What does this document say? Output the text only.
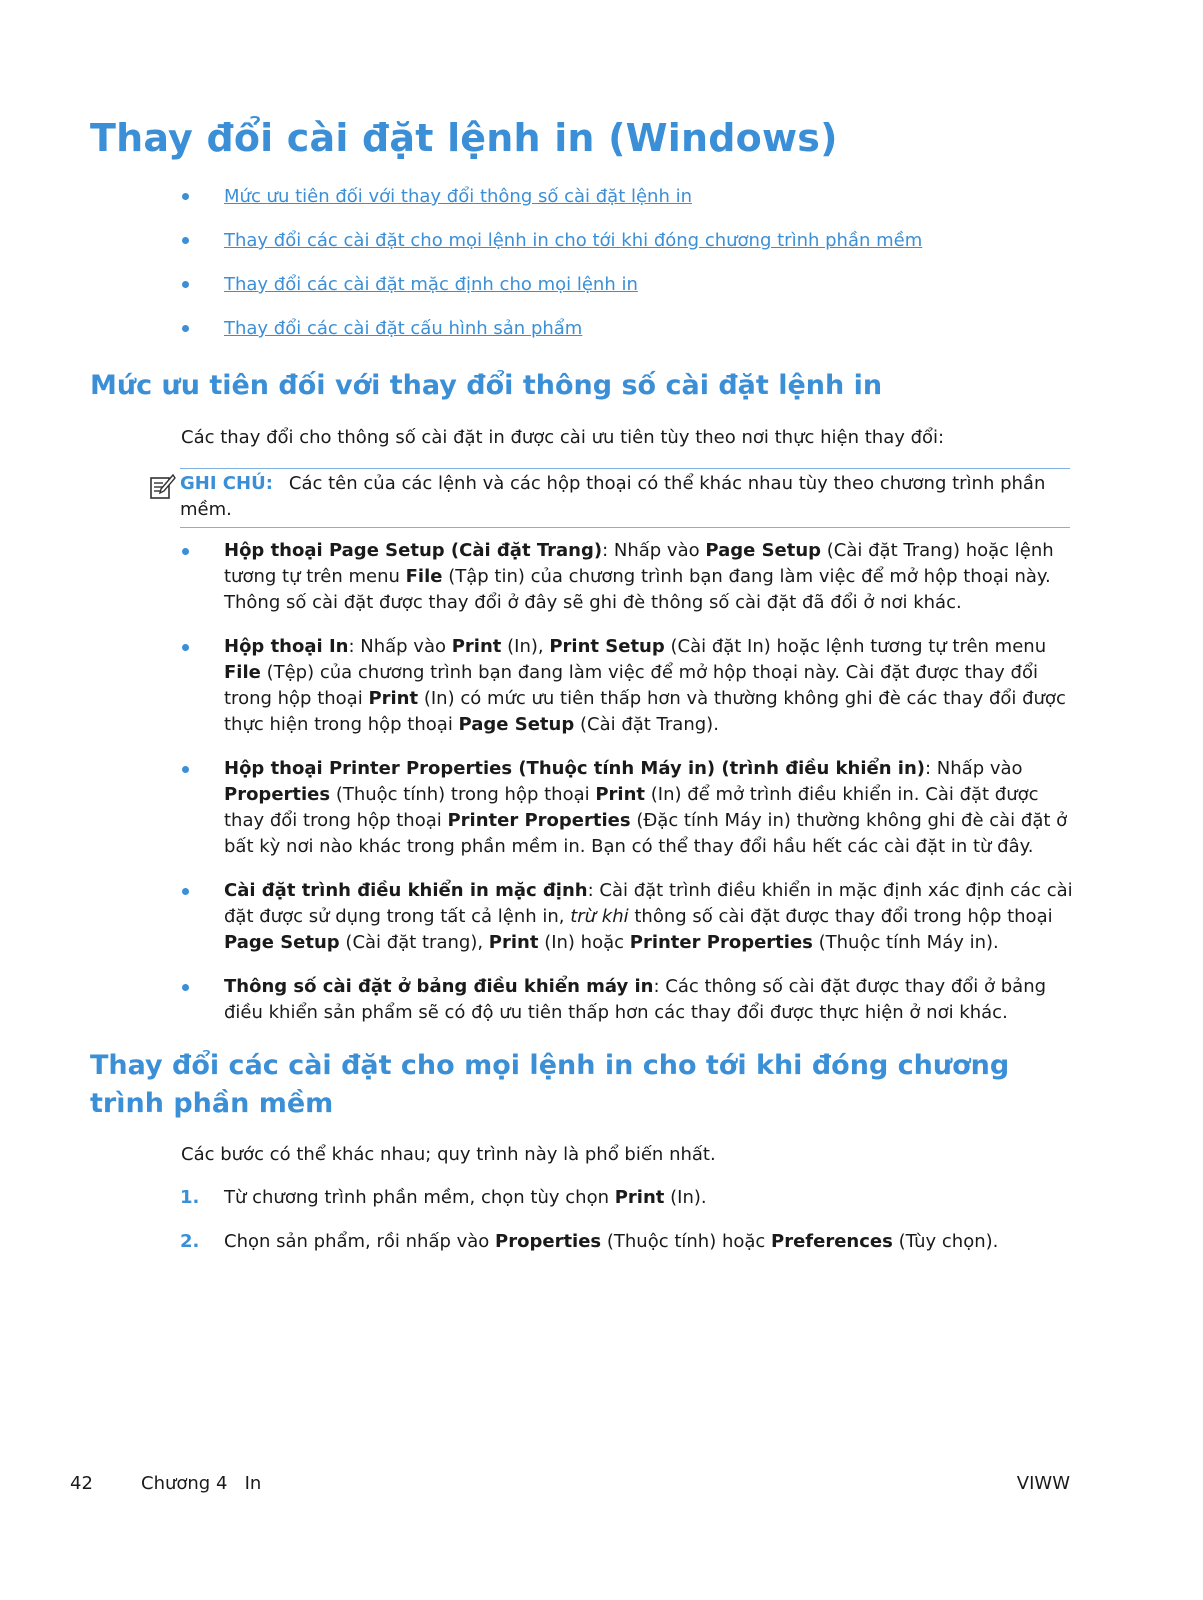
Thay đổi cài đặt lệnh in (Windows)
Mức ưu tiên đối với thay đổi thông số cài đặt lệnh in
Thay đổi các cài đặt cho mọi lệnh in cho tới khi đóng chương trình phần mềm
Thay đổi các cài đặt mặc định cho mọi lệnh in
Thay đổi các cài đặt cấu hình sản phẩm
Mức ưu tiên đối với thay đổi thông số cài đặt lệnh in

Các thay đổi cho thông số cài đặt in được cài ưu tiên tùy theo nơi thực hiện thay đổi:

GHI CHÚ: Các tên của các lệnh và các hộp thoại có thể khác nhau tùy theo chương trình phần mềm.
Hộp thoại Page Setup (Cài đặt Trang): Nhấp vào Page Setup (Cài đặt Trang) hoặc lệnh tương tự trên menu File (Tập tin) của chương trình bạn đang làm việc để mở hộp thoại này. Thông số cài đặt được thay đổi ở đây sẽ ghi đè thông số cài đặt đã đổi ở nơi khác.
Hộp thoại In: Nhấp vào Print (In), Print Setup (Cài đặt In) hoặc lệnh tương tự trên menu File (Tệp) của chương trình bạn đang làm việc để mở hộp thoại này. Cài đặt được thay đổi trong hộp thoại Print (In) có mức ưu tiên thấp hơn và thường không ghi đè các thay đổi được thực hiện trong hộp thoại Page Setup (Cài đặt Trang).
Hộp thoại Printer Properties (Thuộc tính Máy in) (trình điều khiển in): Nhấp vào Properties (Thuộc tính) trong hộp thoại Print (In) để mở trình điều khiển in. Cài đặt được thay đổi trong hộp thoại Printer Properties (Đặc tính Máy in) thường không ghi đè cài đặt ở bất kỳ nơi nào khác trong phần mềm in. Bạn có thể thay đổi hầu hết các cài đặt in từ đây.
Cài đặt trình điều khiển in mặc định: Cài đặt trình điều khiển in mặc định xác định các cài đặt được sử dụng trong tất cả lệnh in, trừ khi thông số cài đặt được thay đổi trong hộp thoại Page Setup (Cài đặt trang), Print (In) hoặc Printer Properties (Thuộc tính Máy in).
Thông số cài đặt ở bảng điều khiển máy in: Các thông số cài đặt được thay đổi ở bảng điều khiển sản phẩm sẽ có độ ưu tiên thấp hơn các thay đổi được thực hiện ở nơi khác.
Thay đổi các cài đặt cho mọi lệnh in cho tới khi đóng chương trình phần mềm

Các bước có thể khác nhau; quy trình này là phổ biến nhất.

1. Từ chương trình phần mềm, chọn tùy chọn Print (In).
2. Chọn sản phẩm, rồi nhấp vào Properties (Thuộc tính) hoặc Preferences (Tùy chọn).
42	Chương 4   In	VIWW
